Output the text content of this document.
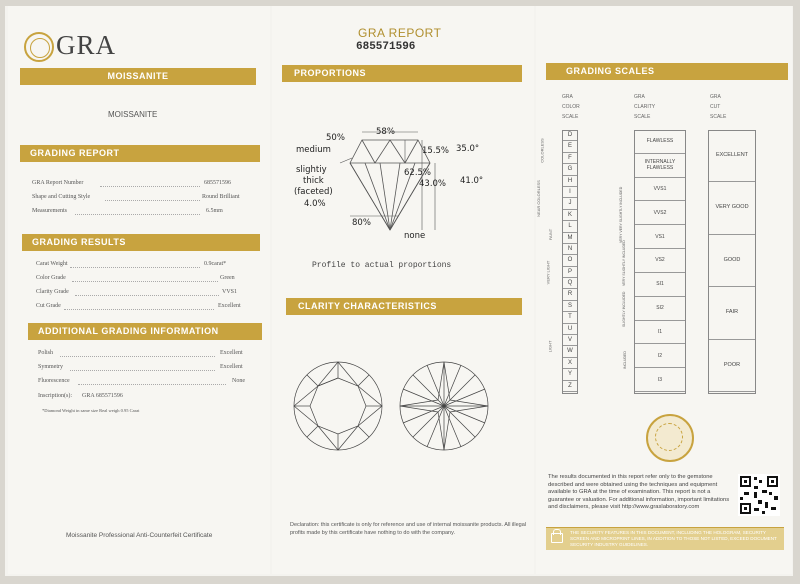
GRA
MOISSANITE
MOISSANITE
GRADING REPORT
GRA Report Number	685571596
Shape and Cutting Style	Round Brilliant
Measurements	6.5mm
GRADING RESULTS
Carat Weight	0.9carat*
Color Grade	Green
Clarity Grade	VVS1
Cut Grade	Excellent
ADDITIONAL GRADING INFORMATION
Polish	Excellent
Symmetry	Excellent
Fluorescence	None
Inscription(s): GRA 685571596
*Diamond Weight in same size Real weigh 0.95 Carat
Moissanite Professional Anti-Counterfeit Certificate
GRA REPORT
685571596
PROPORTIONS
58%
50%
35.0°
15.5%
62.5%
43.0% 41.0°
medium
slightiy
thick
(faceted)
4.0%
80%
none
Profile to actual proportions
CLARITY CHARACTERISTICS
Declaration: this certificate is only for reference and use of internal moissanite products. All illegal profits made by this certificate have nothing to do with the company.
GRADING SCALES
GRA
COLOR
SCALE
GRA
CLARITY
SCALE
GRA
CUT
SCALE
COLORLESS
NEAR COLORLESS
FAINT
VERY LIGHT
LIGHT
VERY VERY SLIGHTLY INCLUDED
VERY SLIGHTLY INCLUDED
SLIGHTLY INCLUDED
INCLUDED
The results documented in this report refer only to the gemstone described and were obtained using the techniques and equipment available to GRA at the time of examination. This report is not a guarantee or valuation. For additional information, important limitations and disclaimers, please visit http://www.graslaboratory.com
THE SECURITY FEATURES IN THIS DOCUMENT, INCLUDING THE HOLOGRAM, SECURITY SCREEN AND MICROPRINT LINES, IN ADDITION TO THOSE NOT LISTED, EXCEED DOCUMENT SECURITY INDUSTRY GUIDELINES.
D
E
F
G
H
I
J
K
L
M
N
O
P
Q
R
S
T
U
V
W
X
Y
Z
FLAWLESS
INTERNALLY FLAWLESS
VVS1
VVS2
VS1
VS2
SI1
SI2
I1
I2
I3
EXCELLENT
VERY GOOD
GOOD
FAIR
POOR
